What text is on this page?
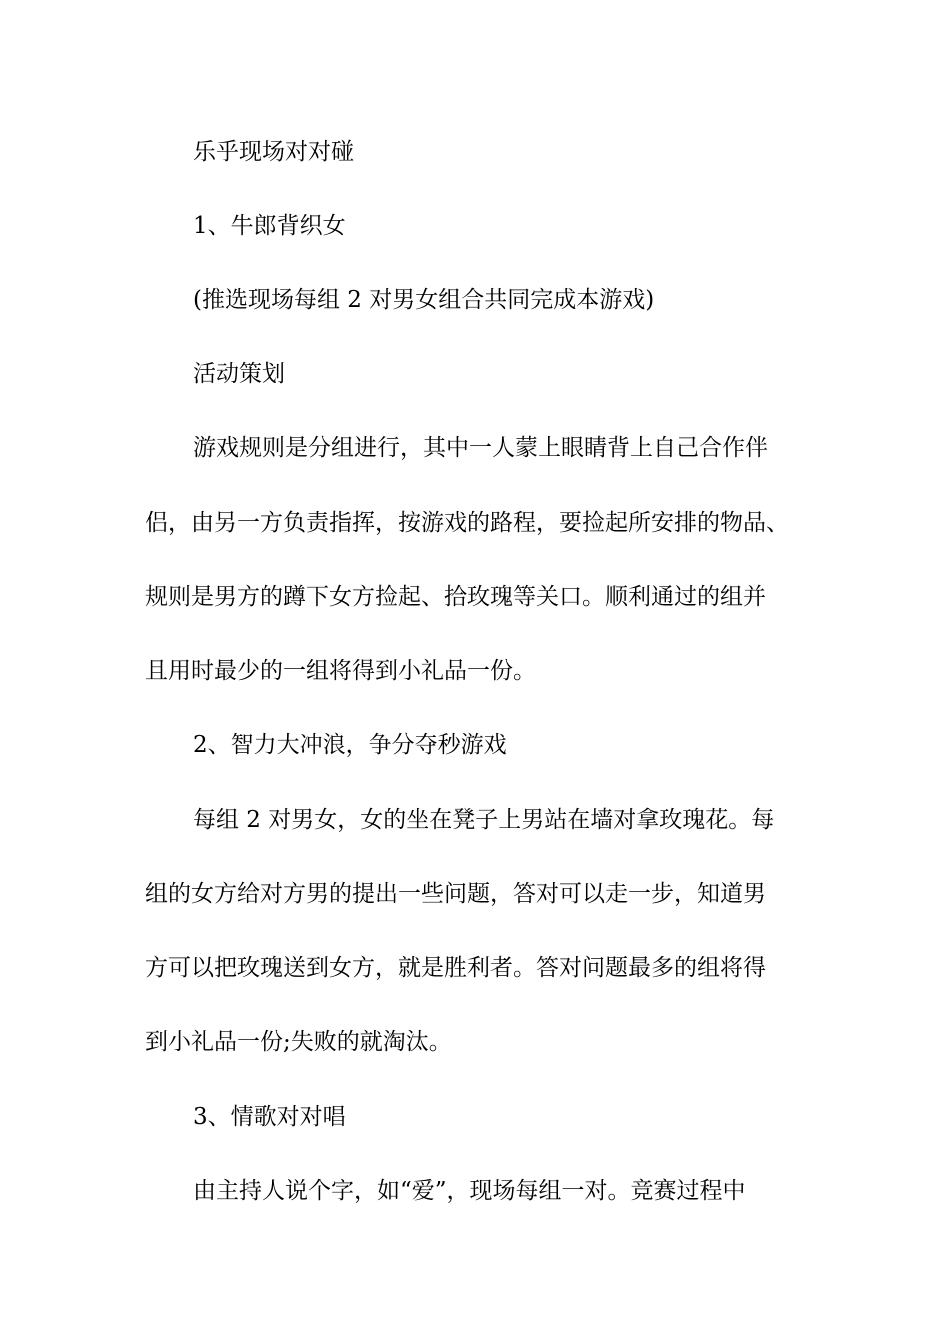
乐乎现场对对碰

1、牛郎背织女

(推选现场每组 2 对男女组合共同完成本游戏)

活动策划

游戏规则是分组进行，其中一人蒙上眼睛背上自己合作伴

侣，由另一方负责指挥，按游戏的路程，要捡起所安排的物品、

规则是男方的蹲下女方捡起、拾玫瑰等关口。顺利通过的组并

且用时最少的一组将得到小礼品一份。

2、智力大冲浪，争分夺秒游戏

每组 2 对男女，女的坐在凳子上男站在墙对拿玫瑰花。每

组的女方给对方男的提出一些问题，答对可以走一步，知道男

方可以把玫瑰送到女方，就是胜利者。答对问题最多的组将得

到小礼品一份;失败的就淘汰。

3、情歌对对唱

由主持人说个字，如“爱”，现场每组一对。竞赛过程中
